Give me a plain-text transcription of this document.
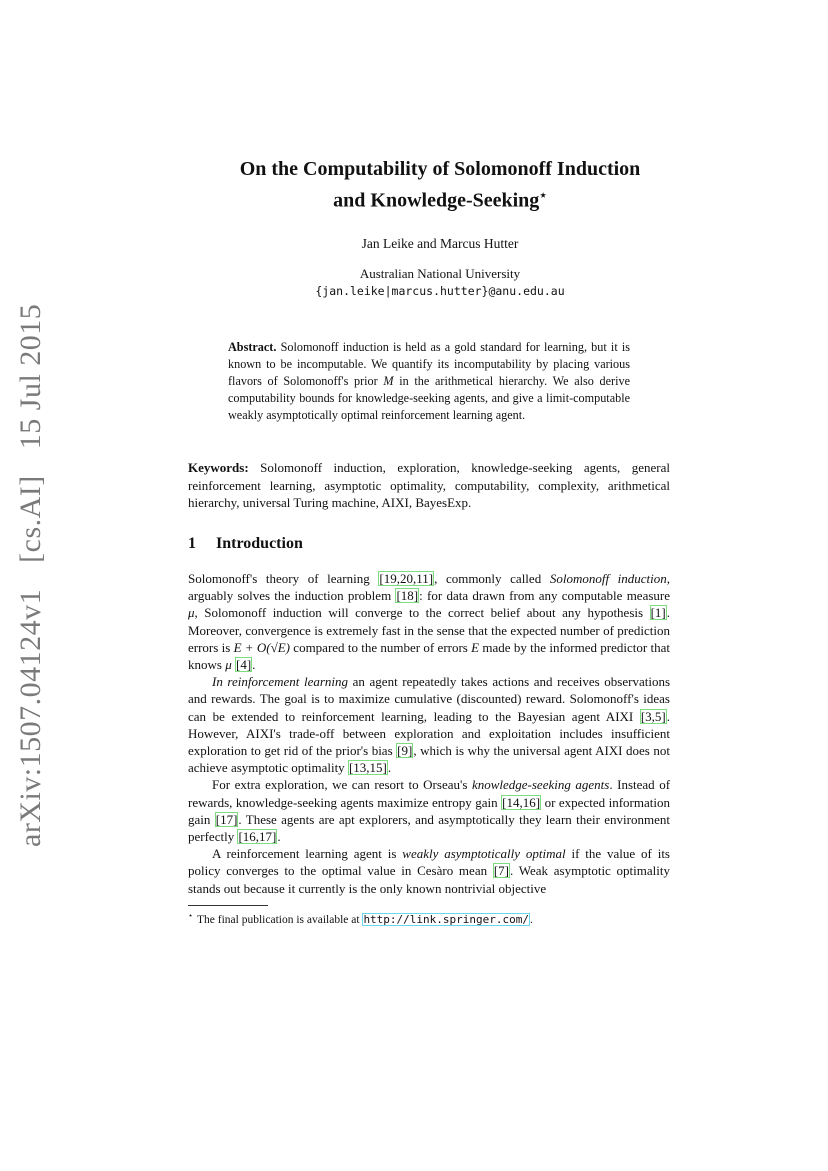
arXiv:1507.04124v1 [cs.AI] 15 Jul 2015
On the Computability of Solomonoff Induction
and Knowledge-Seeking⋆
Jan Leike and Marcus Hutter
Australian National University
{jan.leike|marcus.hutter}@anu.edu.au
Abstract. Solomonoff induction is held as a gold standard for learning, but it is known to be incomputable. We quantify its incomputability by placing various flavors of Solomonoff's prior M in the arithmetical hierarchy. We also derive computability bounds for knowledge-seeking agents, and give a limit-computable weakly asymptotically optimal reinforcement learning agent.
Keywords: Solomonoff induction, exploration, knowledge-seeking agents, general reinforcement learning, asymptotic optimality, computability, complexity, arithmetical hierarchy, universal Turing machine, AIXI, BayesExp.
1 Introduction

Solomonoff's theory of learning [19,20,11], commonly called Solomonoff induction, arguably solves the induction problem [18]: for data drawn from any computable measure μ, Solomonoff induction will converge to the correct belief about any hypothesis [1]. Moreover, convergence is extremely fast in the sense that the expected number of prediction errors is E + O(√E) compared to the number of errors E made by the informed predictor that knows μ [4].

In reinforcement learning an agent repeatedly takes actions and receives observations and rewards. The goal is to maximize cumulative (discounted) reward. Solomonoff's ideas can be extended to reinforcement learning, leading to the Bayesian agent AIXI [3,5]. However, AIXI's trade-off between exploration and exploitation includes insufficient exploration to get rid of the prior's bias [9], which is why the universal agent AIXI does not achieve asymptotic optimality [13,15].

For extra exploration, we can resort to Orseau's knowledge-seeking agents. Instead of rewards, knowledge-seeking agents maximize entropy gain [14,16] or expected information gain [17]. These agents are apt explorers, and asymptotically they learn their environment perfectly [16,17].

A reinforcement learning agent is weakly asymptotically optimal if the value of its policy converges to the optimal value in Cesàro mean [7]. Weak asymptotic optimality stands out because it currently is the only known nontrivial objective

⋆ The final publication is available at http://link.springer.com/.
